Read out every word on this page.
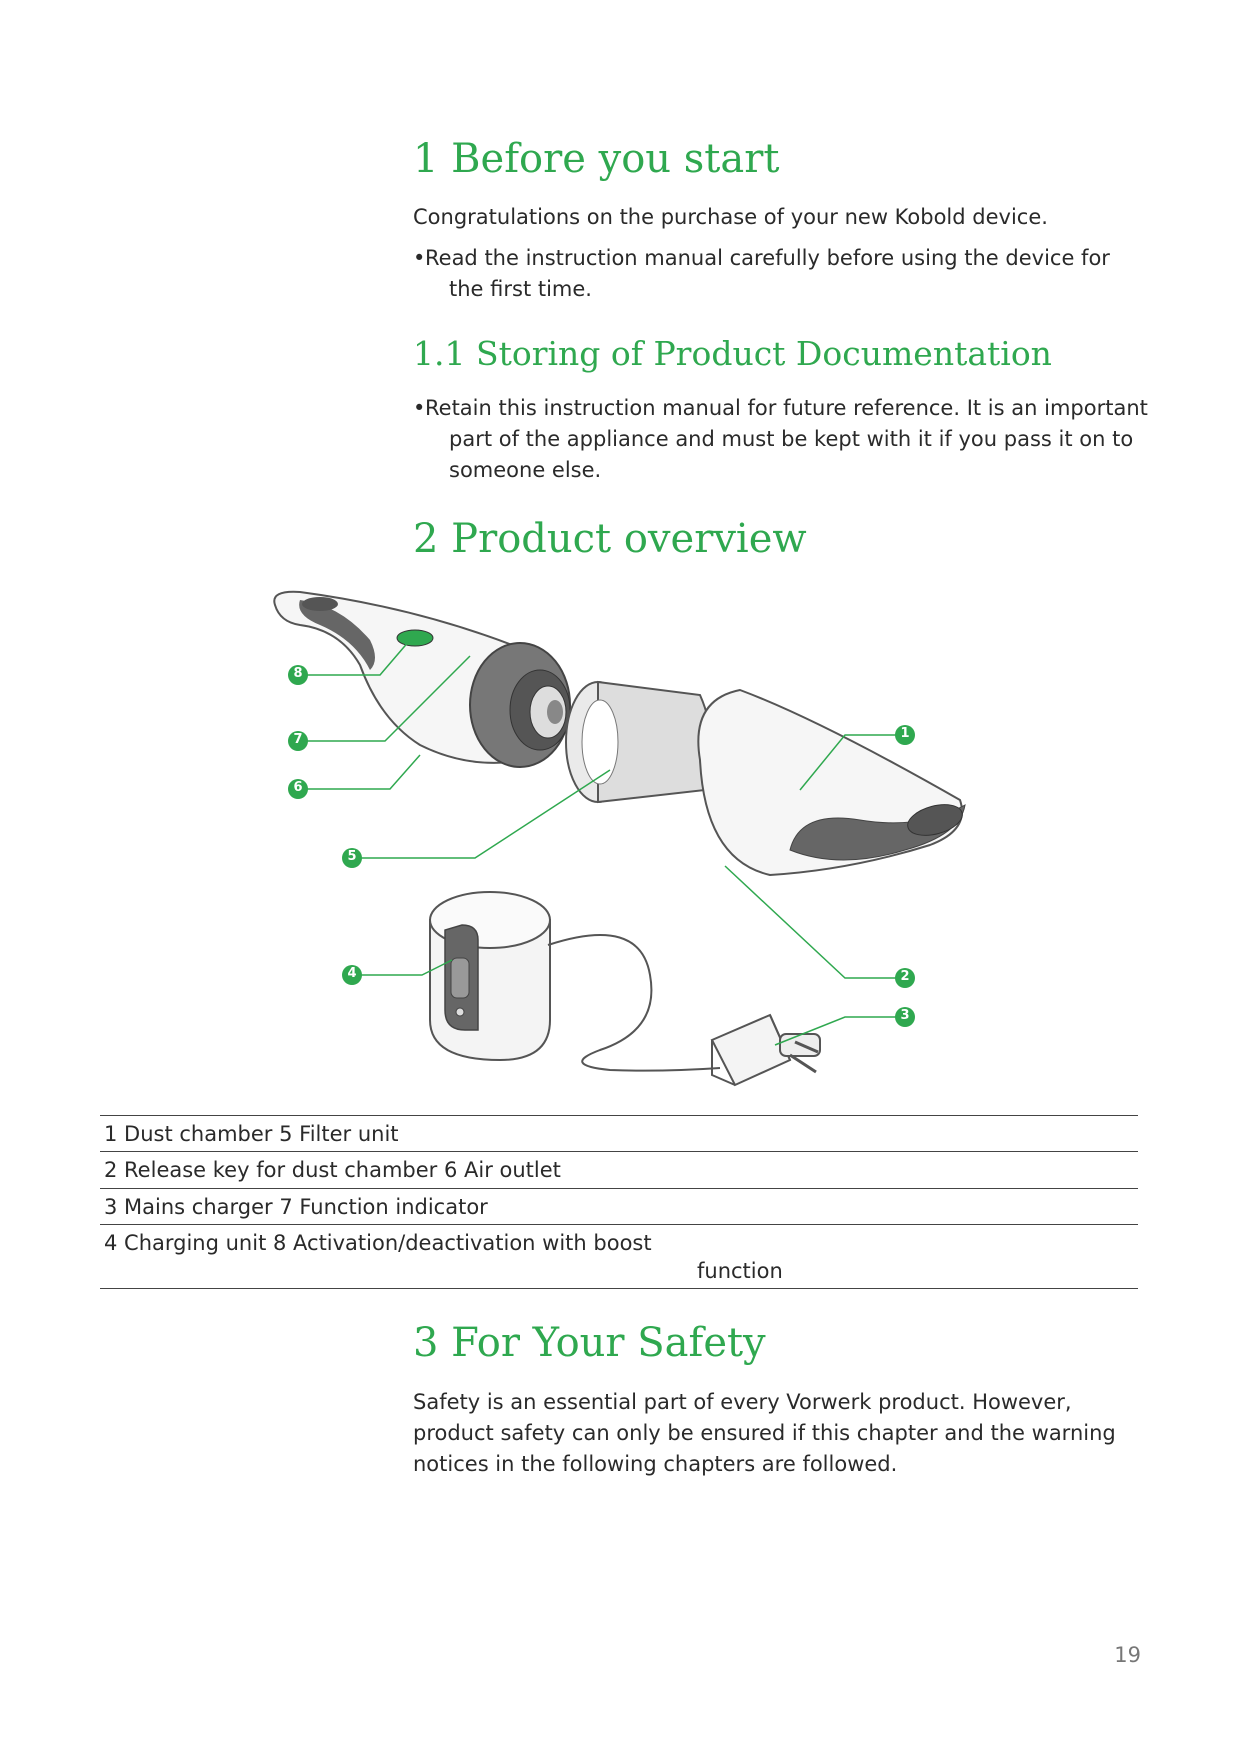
1 Before you start

Congratulations on the purchase of your new Kobold device.

•Read the instruction manual carefully before using the device for the first time.
1.1 Storing of Product Documentation
•Retain this instruction manual for future reference. It is an important part of the appliance and must be kept with it if you pass it on to someone else.
2 Product overview
1
2
3
4
5
6
7
8
1 Dust chamber 5 Filter unit
2 Release key for dust chamber 6 Air outlet
3 Mains charger 7 Function indicator
4 Charging unit 8 Activation/deactivation with boost
function
3 For Your Safety

Safety is an essential part of every Vorwerk product. However, product safety can only be ensured if this chapter and the warning notices in the following chapters are followed.

19
